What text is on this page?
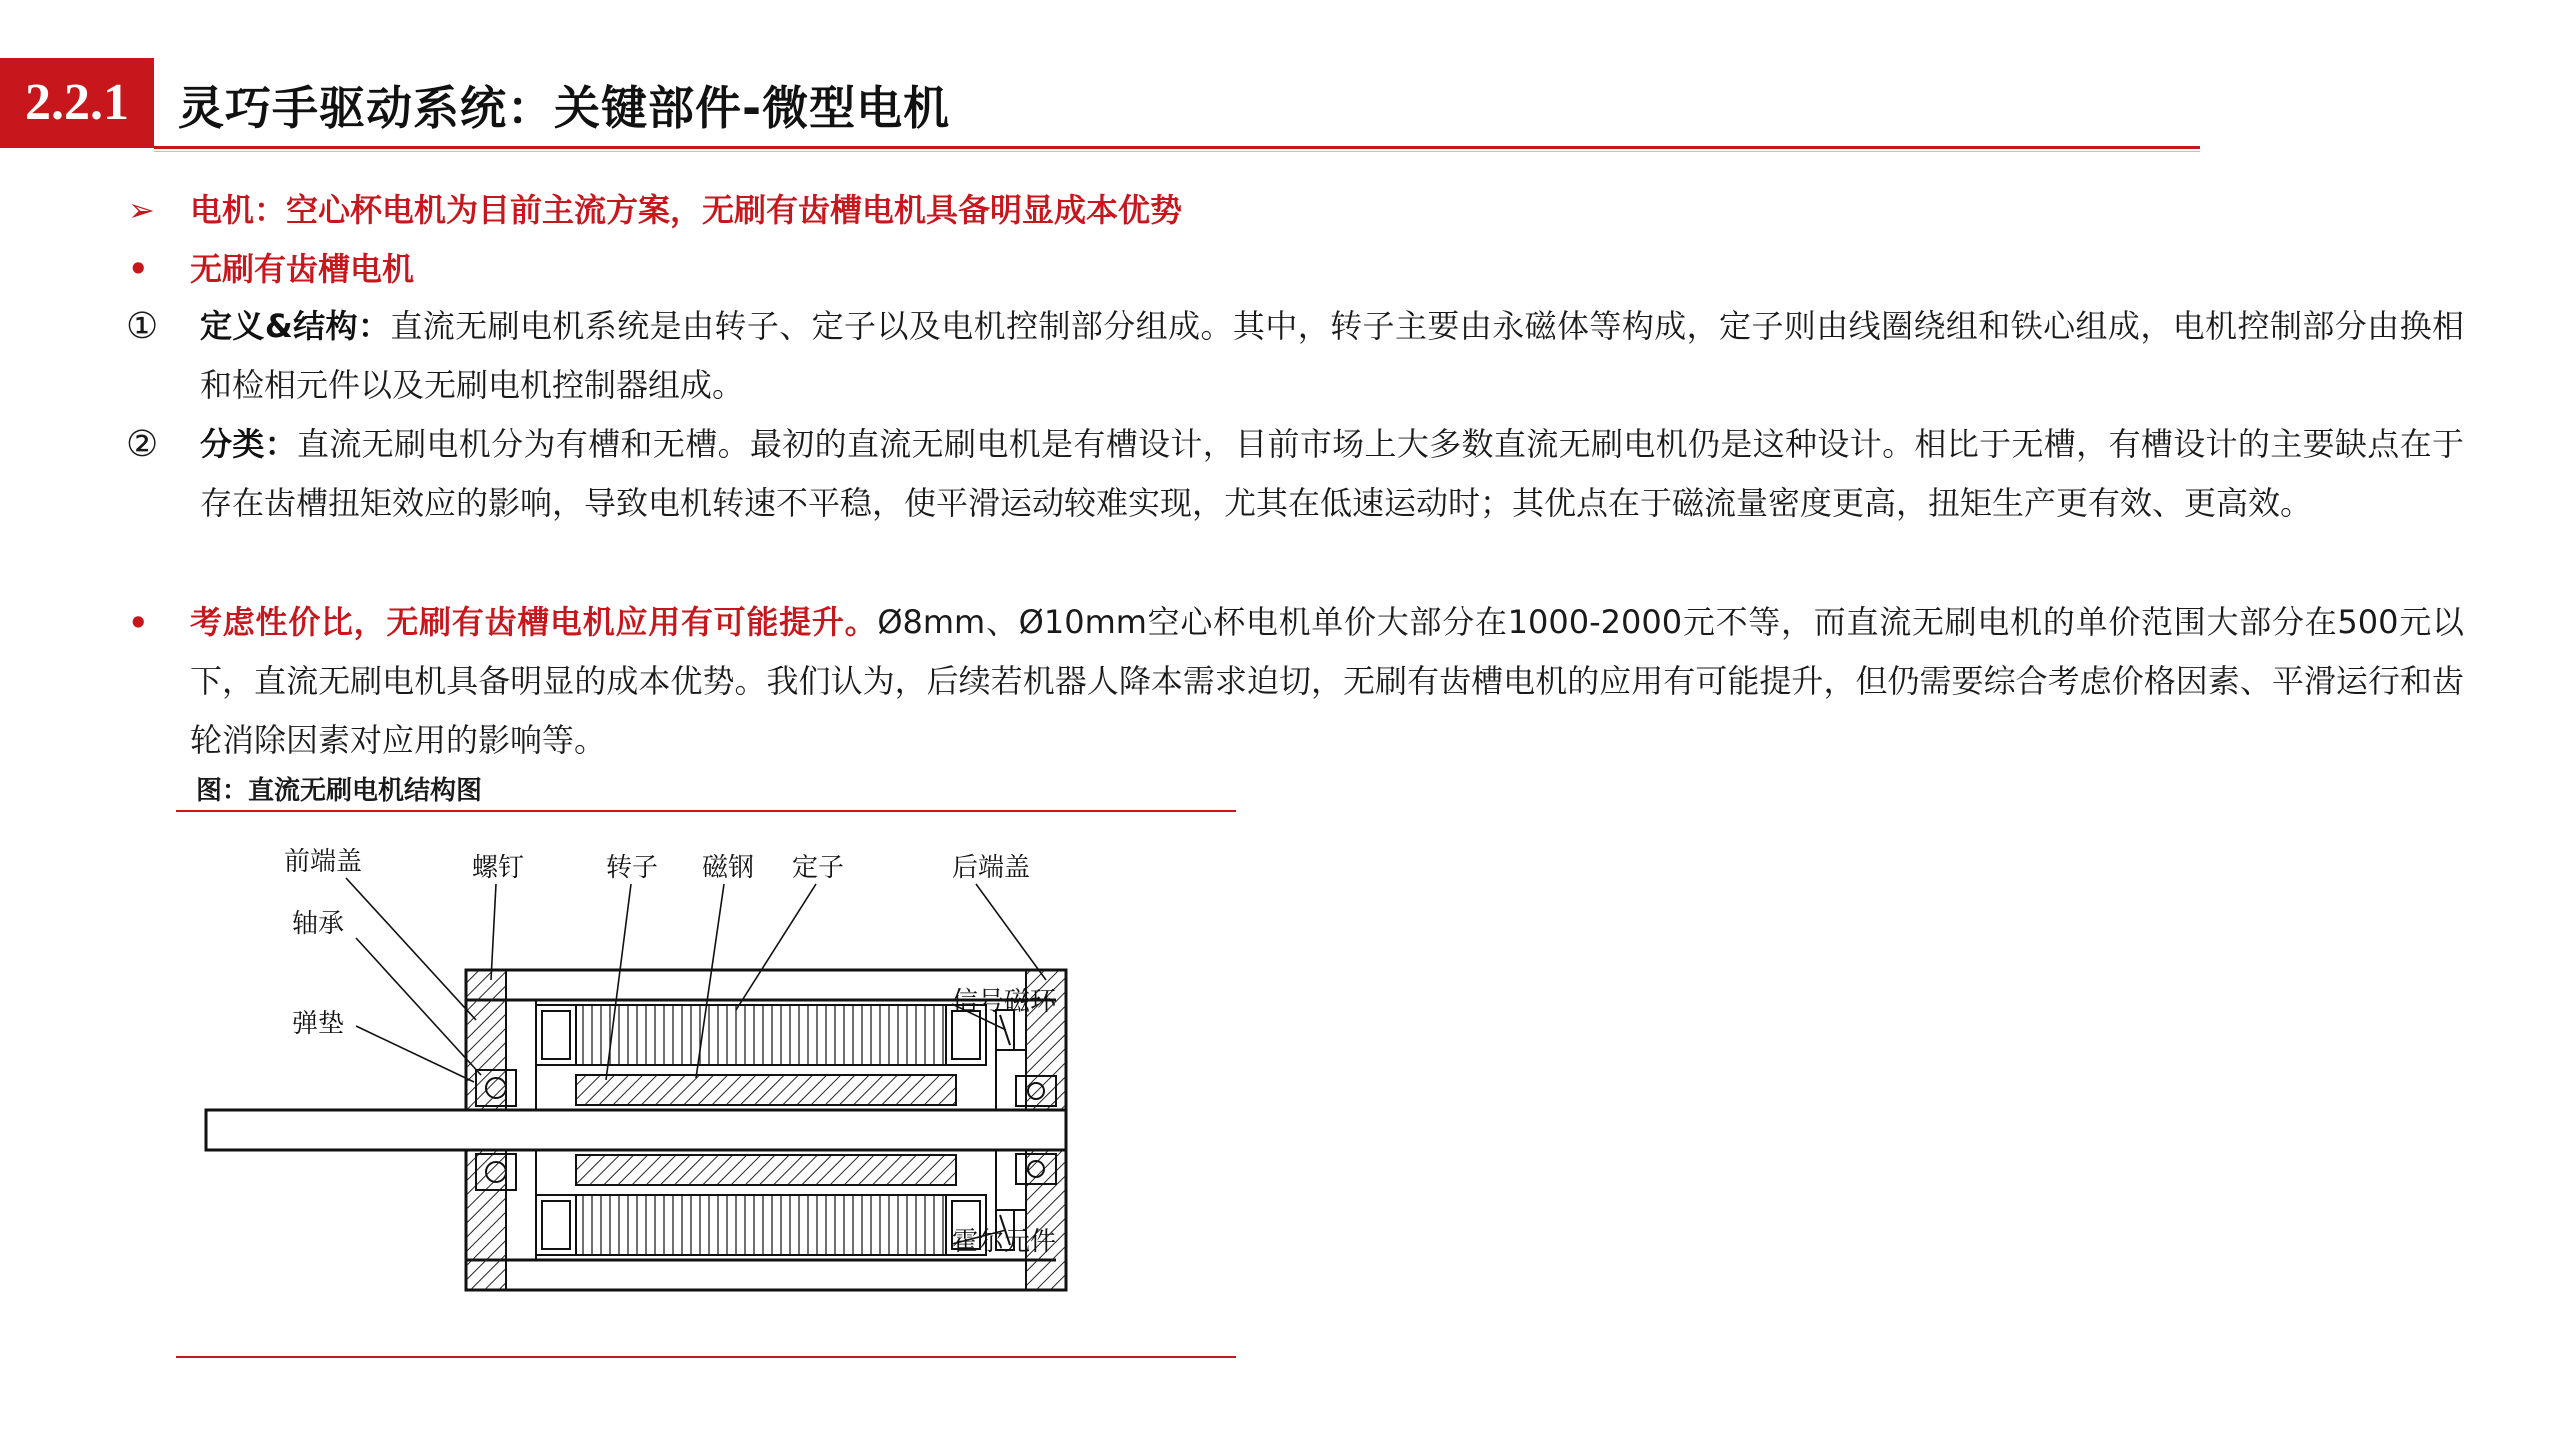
2.2.1	灵巧手驱动系统：关键部件-微型电机
➢ 电机：空心杯电机为目前主流方案，无刷有齿槽电机具备明显成本优势
• 无刷有齿槽电机
① 定义&结构：直流无刷电机系统是由转子、定子以及电机控制部分组成。其中，转子主要由永磁体等构成，定子则由线圈绕组和铁心组成，电机控制部分由换相和检相元件以及无刷电机控制器组成。
② 分类：直流无刷电机分为有槽和无槽。最初的直流无刷电机是有槽设计，目前市场上大多数直流无刷电机仍是这种设计。相比于无槽，有槽设计的主要缺点在于存在齿槽扭矩效应的影响，导致电机转速不平稳，使平滑运动较难实现，尤其在低速运动时；其优点在于磁流量密度更高，扭矩生产更有效、更高效。
• 考虑性价比，无刷有齿槽电机应用有可能提升。Ø8mm、Ø10mm空心杯电机单价大部分在1000-2000元不等，而直流无刷电机的单价范围大部分在500元以下，直流无刷电机具备明显的成本优势。我们认为，后续若机器人降本需求迫切，无刷有齿槽电机的应用有可能提升，但仍需要综合考虑价格因素、平滑运行和齿轮消除因素对应用的影响等。
图：直流无刷电机结构图
前端盖	螺钉	转子 磁钢 定子	后端盖
轴承
弹垫
信号磁环
霍尔元件
